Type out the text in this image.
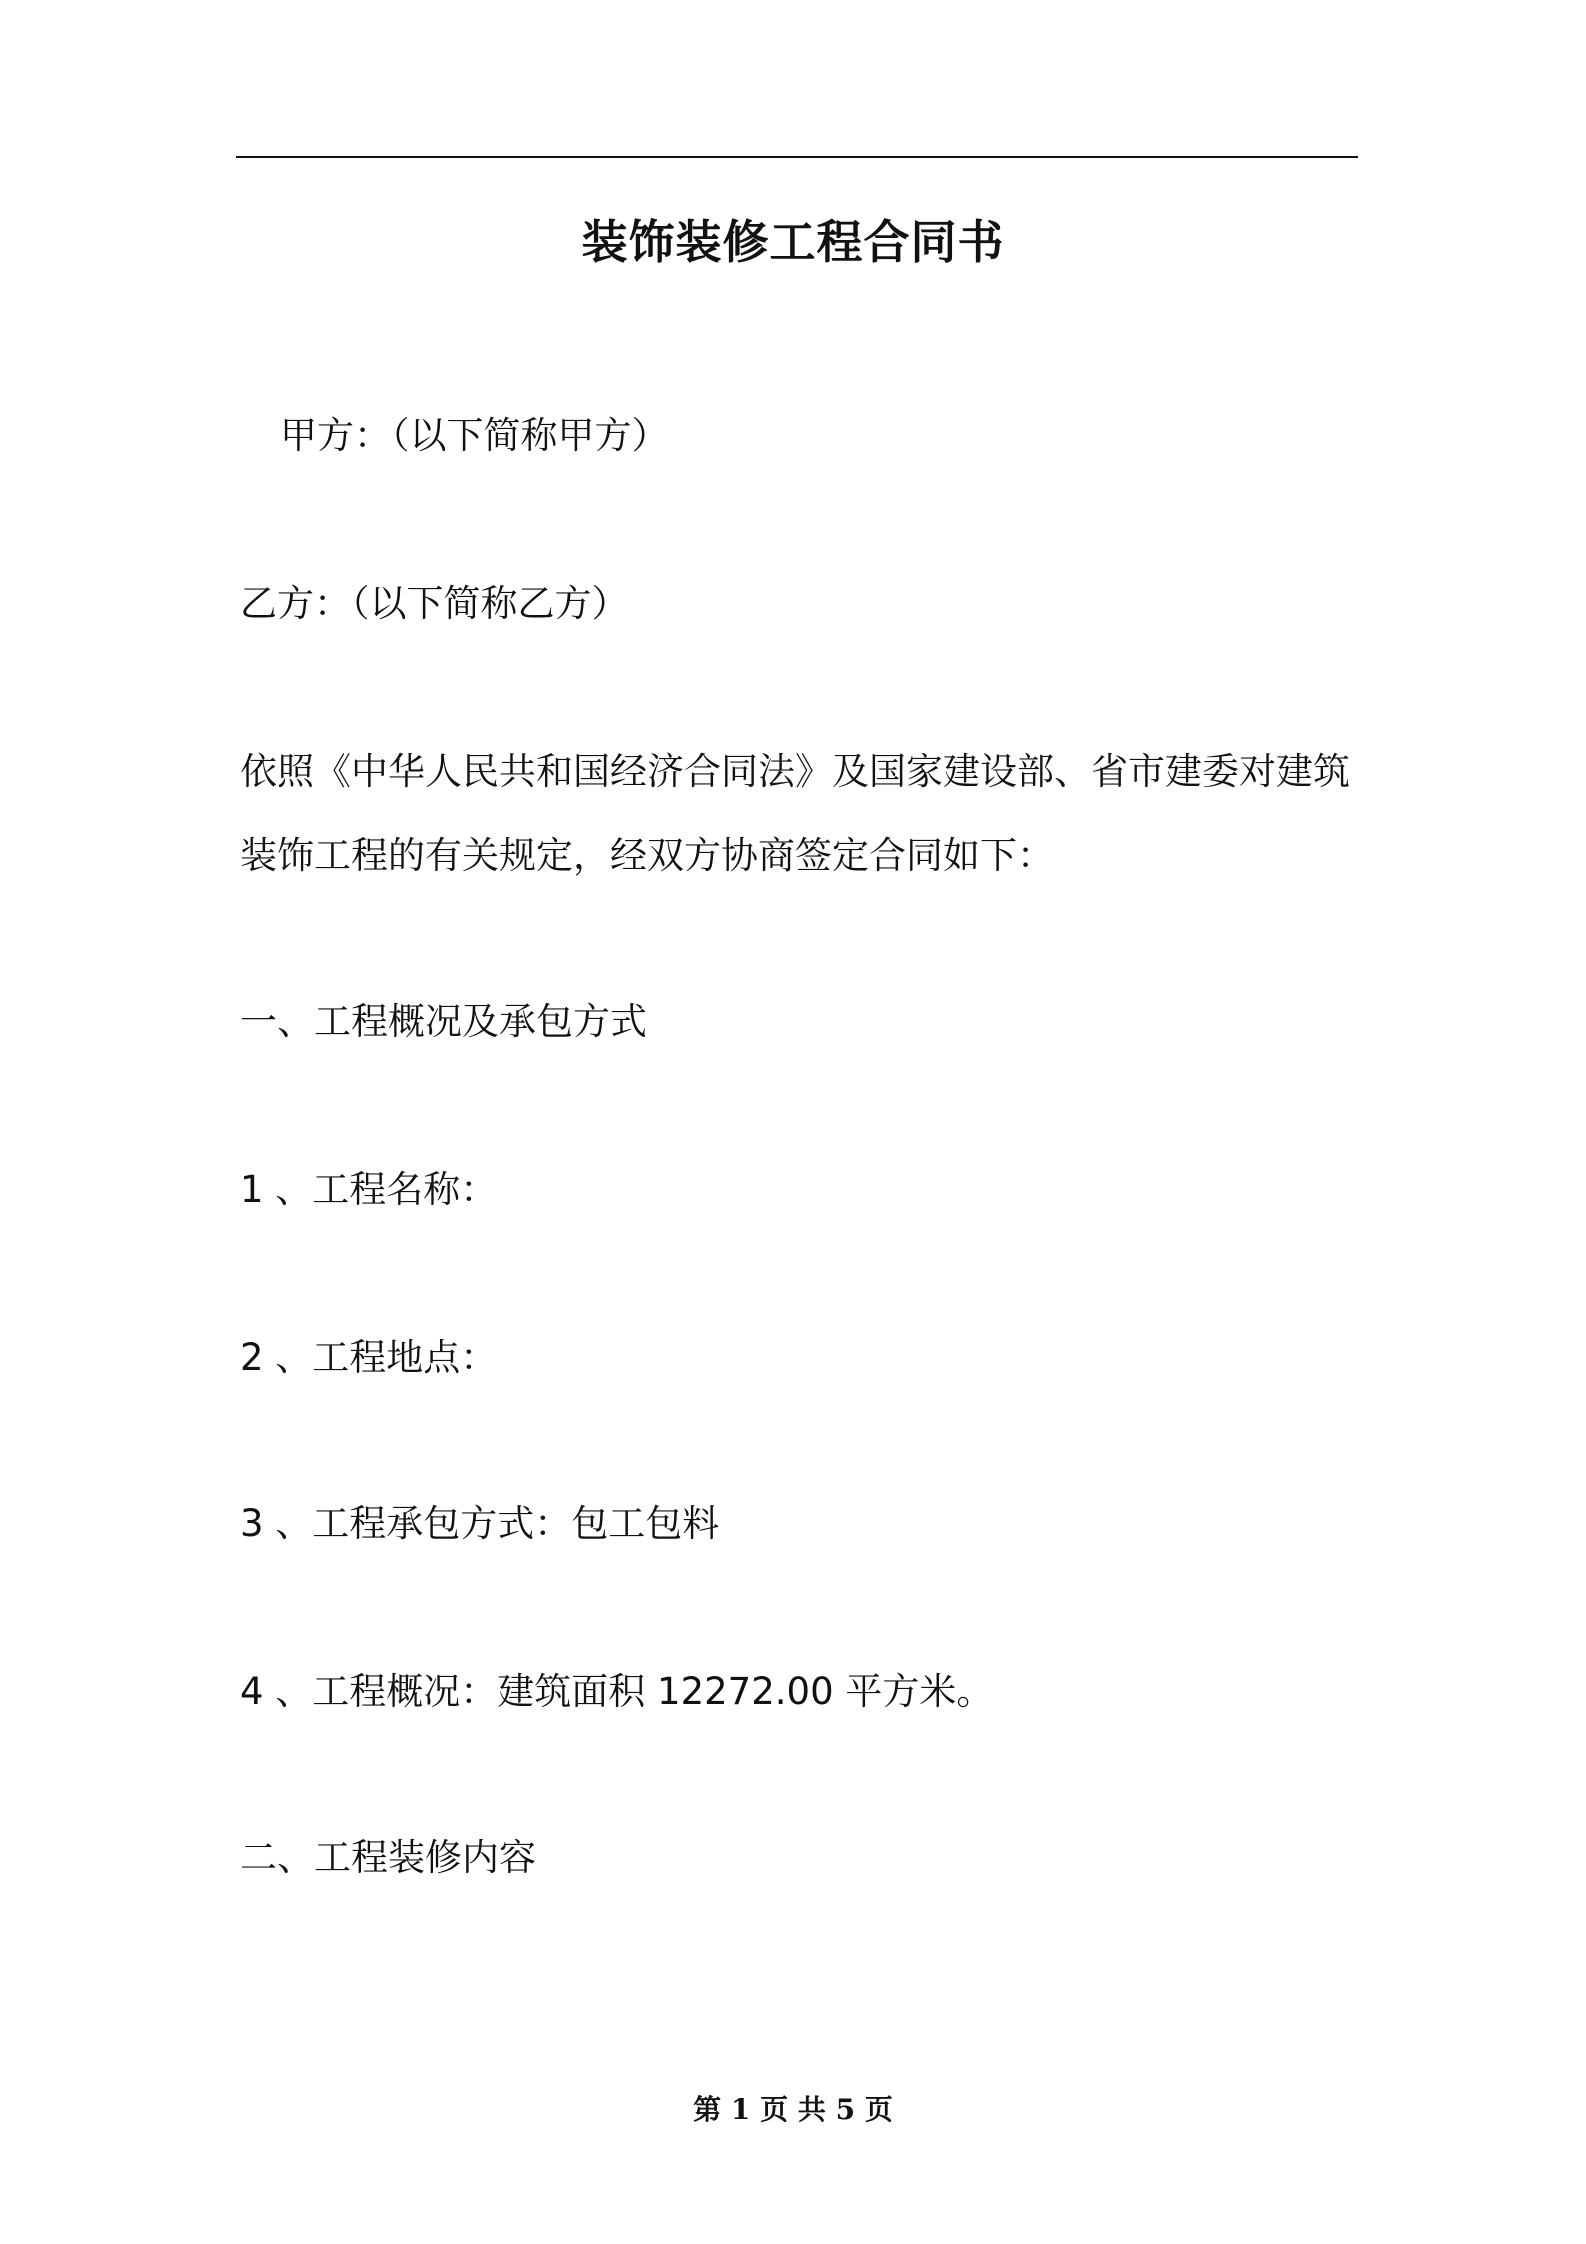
装饰装修工程合同书
甲方：（以下简称甲方）
乙方：（以下简称乙方）
依照《中华人民共和国经济合同法》及国家建设部、省市建委对建筑
装饰工程的有关规定，经双方协商签定合同如下：
一、工程概况及承包方式
1 、工程名称：
2 、工程地点：
3 、工程承包方式：包工包料
4 、工程概况：建筑面积 12272.00 平方米。
二、工程装修内容
第 1 页 共 5 页
